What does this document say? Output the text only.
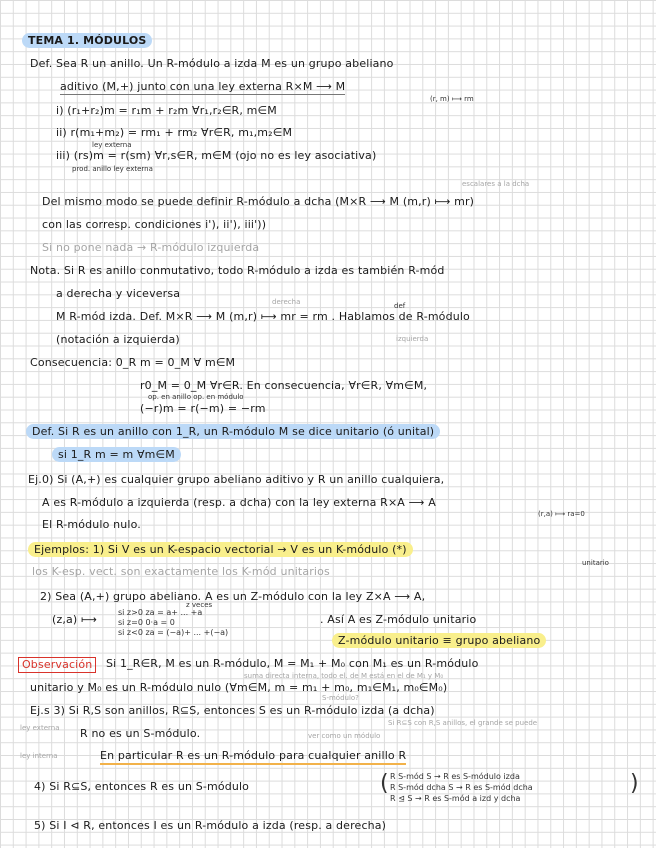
TEMA 1. MÓDULOS
Def. Sea R un anillo. Un R-módulo a izda M es un grupo abeliano
aditivo (M,+) junto con una ley externa R×M ⟶ M
(r, m) ⟼ rm
i) (r₁+r₂)m = r₁m + r₂m ∀r₁,r₂∈R, m∈M
ii) r(m₁+m₂) = rm₁ + rm₂ ∀r∈R, m₁,m₂∈M
ley externa
iii) (rs)m = r(sm) ∀r,s∈R, m∈M (ojo no es ley asociativa)
prod. anillo ley externa
escalares a la dcha
Del mismo modo se puede definir R-módulo a dcha (M×R ⟶ M (m,r) ⟼ mr)
con las corresp. condiciones i'), ii'), iii'))
Si no pone nada → R-módulo izquierda
Nota. Si R es anillo conmutativo, todo R-módulo a izda es también R-mód
a derecha y viceversa
derecha	def
M R-mód izda. Def. M×R ⟶ M (m,r) ⟼ mr = rm . Hablamos de R-módulo
(notación a izquierda)	izquierda
Consecuencia: 0_R m = 0_M ∀ m∈M
r0_M = 0_M ∀r∈R. En consecuencia, ∀r∈R, ∀m∈M,
op. en anillo op. en módulo
(−r)m = r(−m) = −rm
Def. Si R es un anillo con 1_R, un R-módulo M se dice unitario (ó unital)
si 1_R m = m ∀m∈M
Ej.0) Si (A,+) es cualquier grupo abeliano aditivo y R un anillo cualquiera,
A es R-módulo a izquierda (resp. a dcha) con la ley externa R×A ⟶ A
(r,a) ⟼ ra=0
El R-módulo nulo.
Ejemplos: 1) Si V es un K-espacio vectorial → V es un K-módulo (*)
unitario
los K-esp. vect. son exactamente los K-mód unitarios
2) Sea (A,+) grupo abeliano. A es un Z-módulo con la ley Z×A ⟶ A,
(z,a) ⟼
z veces
si z>0 za = a+ ... +a
si z=0 0·a = 0
si z<0 za = (−a)+ ... +(−a)
. Así A es Z-módulo unitario
Z-módulo unitario ≡ grupo abeliano
Observación	Si 1_R∈R, M es un R-módulo, M = M₁ + M₀ con M₁ es un R-módulo
suma directa interna, todo el. de M está en el de M₁ y M₀
unitario y M₀ es un R-módulo nulo (∀m∈M, m = m₁ + m₀, m₁∈M₁, m₀∈M₀)
S-módulo?
Ej.s 3) Si R,S son anillos, R⊆S, entonces S es un R-módulo izda (a dcha)
ley externa R no es un S-módulo.	ver como un módulo
Si R⊆S con R,S anillos, el grande se puede
ley interna	En particular R es un R-módulo para cualquier anillo R
4) Si R⊆S, entonces R es un S-módulo	( R S-mód S → R es S-módulo izda
R S-mód dcha S → R es S-mód dcha
R ⊴ S → R es S-mód a izd y dcha
)
5) Si I ⊲ R, entonces I es un R-módulo a izda (resp. a derecha)
